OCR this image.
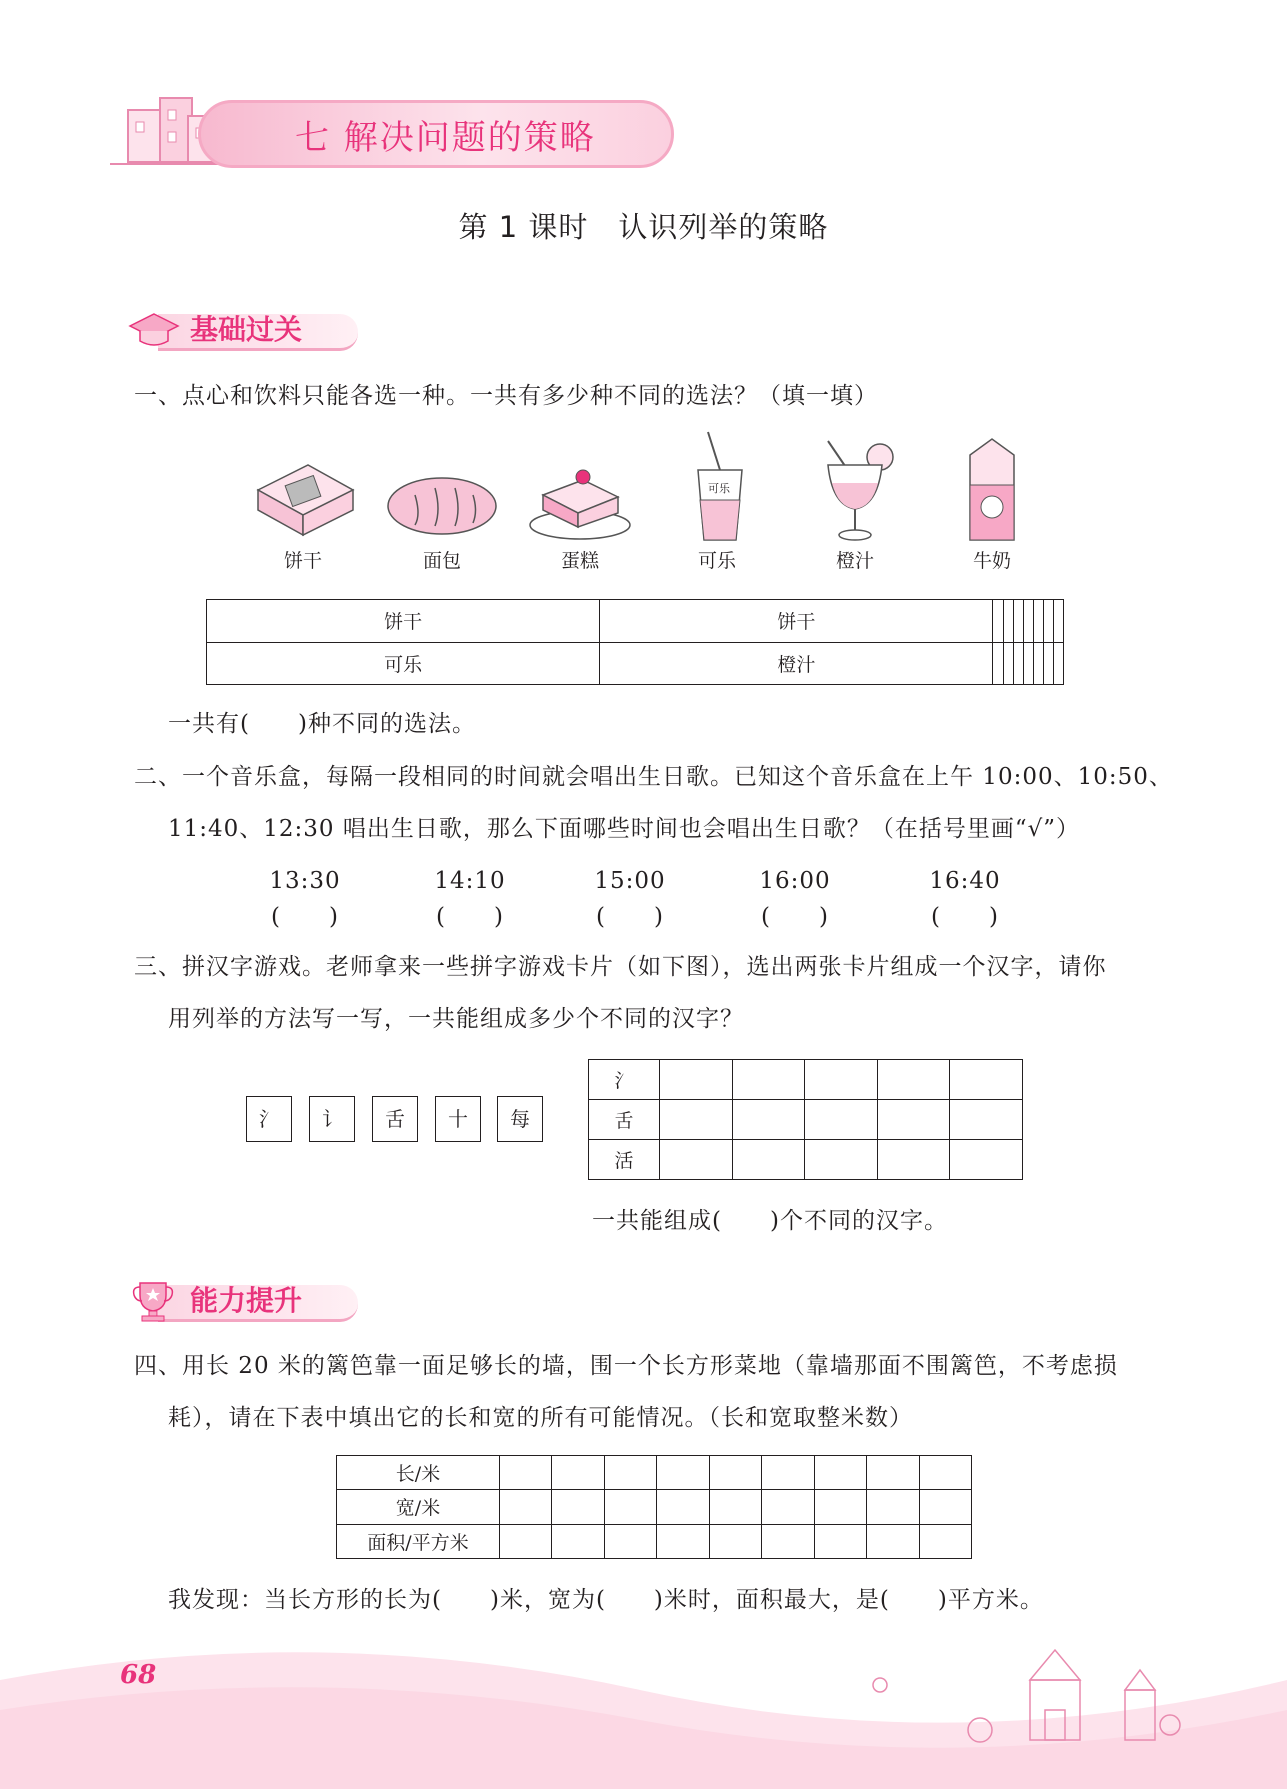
七 解决问题的策略
第 1 课时　认识列举的策略
基础过关
一、点心和饮料只能各选一种。一共有多少种不同的选法？（填一填）
可乐
饼干	面包	蛋糕	可乐	橙汁	牛奶
饼干	饼干							
可乐	橙汁							
一共有(　　)种不同的选法。
二、一个音乐盒，每隔一段相同的时间就会唱出生日歌。已知这个音乐盒在上午 10:00、10:50、
11:40、12:30 唱出生日歌，那么下面哪些时间也会唱出生日歌？（在括号里画“√”）
13:30	14:10	15:00	16:00	16:40
(　　)	(　　)	(　　)	(　　)	(　　)
三、拼汉字游戏。老师拿来一些拼字游戏卡片（如下图），选出两张卡片组成一个汉字，请你
用列举的方法写一写，一共能组成多少个不同的汉字？
氵	讠	舌	十	每
氵					
舌					
活					
一共能组成(　　)个不同的汉字。
能力提升
四、用长 20 米的篱笆靠一面足够长的墙，围一个长方形菜地（靠墙那面不围篱笆，不考虑损
耗），请在下表中填出它的长和宽的所有可能情况。（长和宽取整米数）
长/米									
宽/米									
面积/平方米									
我发现：当长方形的长为(　　)米，宽为(　　)米时，面积最大，是(　　)平方米。
68
